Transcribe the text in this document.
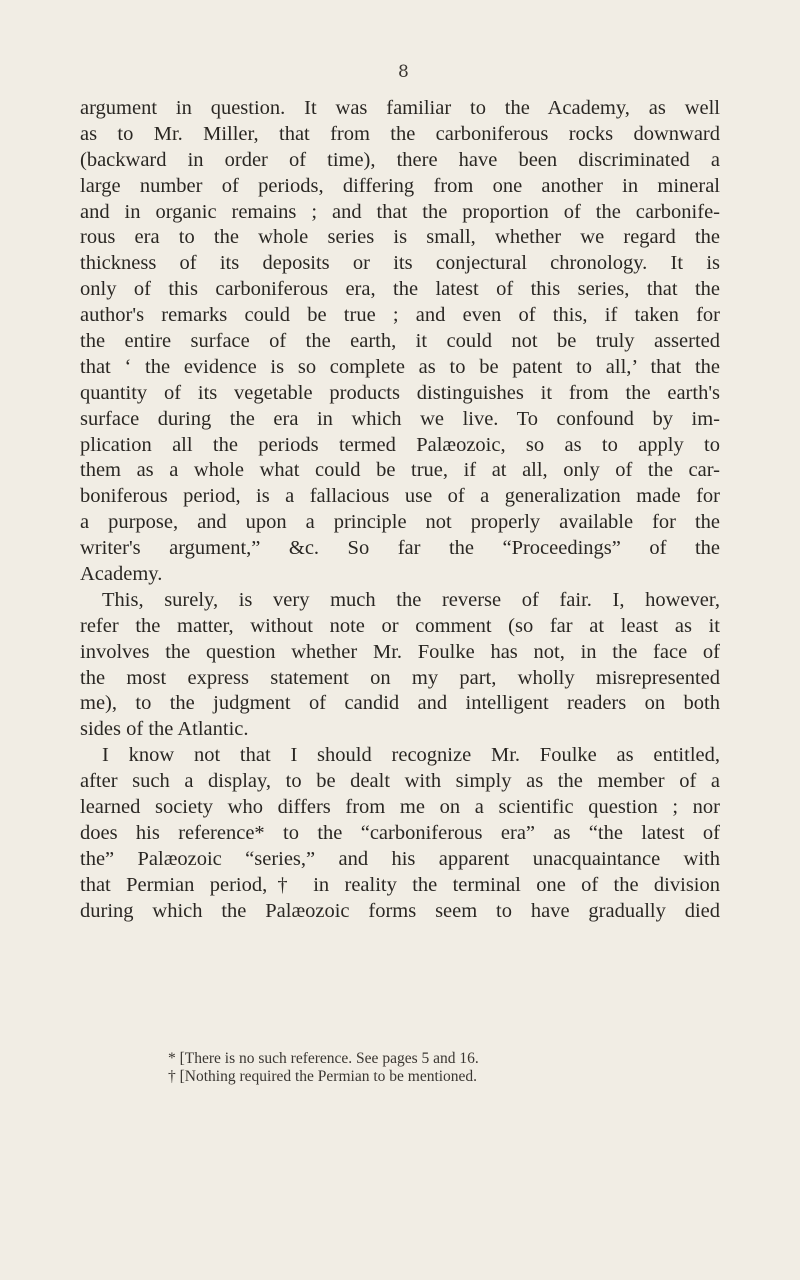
8
argument in question. It was familiar to the Academy, as well
as to Mr. Miller, that from the carboniferous rocks downward
(backward in order of time), there have been discriminated a
large number of periods, differing from one another in mineral
and in organic remains ; and that the proportion of the carbonife-
rous era to the whole series is small, whether we regard the
thickness of its deposits or its conjectural chronology. It is
only of this carboniferous era, the latest of this series, that the
author's remarks could be true ; and even of this, if taken for
the entire surface of the earth, it could not be truly asserted
that ‘ the evidence is so complete as to be patent to all,’ that the
quantity of its vegetable products distinguishes it from the earth's
surface during the era in which we live. To confound by im-
plication all the periods termed Palæozoic, so as to apply to
them as a whole what could be true, if at all, only of the car-
boniferous period, is a fallacious use of a generalization made for
a purpose, and upon a principle not properly available for the
writer's argument,” &c. So far the “Proceedings” of the
Academy.
This, surely, is very much the reverse of fair. I, however,
refer the matter, without note or comment (so far at least as it
involves the question whether Mr. Foulke has not, in the face of
the most express statement on my part, wholly misrepresented
me), to the judgment of candid and intelligent readers on both
sides of the Atlantic.
I know not that I should recognize Mr. Foulke as entitled,
after such a display, to be dealt with simply as the member of a
learned society who differs from me on a scientific question ; nor
does his reference* to the “carboniferous era” as “the latest of
the” Palæozoic “series,” and his apparent unacquaintance with
that Permian period,† in reality the terminal one of the division
during which the Palæozoic forms seem to have gradually died
* [There is no such reference. See pages 5 and 16.
† [Nothing required the Permian to be mentioned.
